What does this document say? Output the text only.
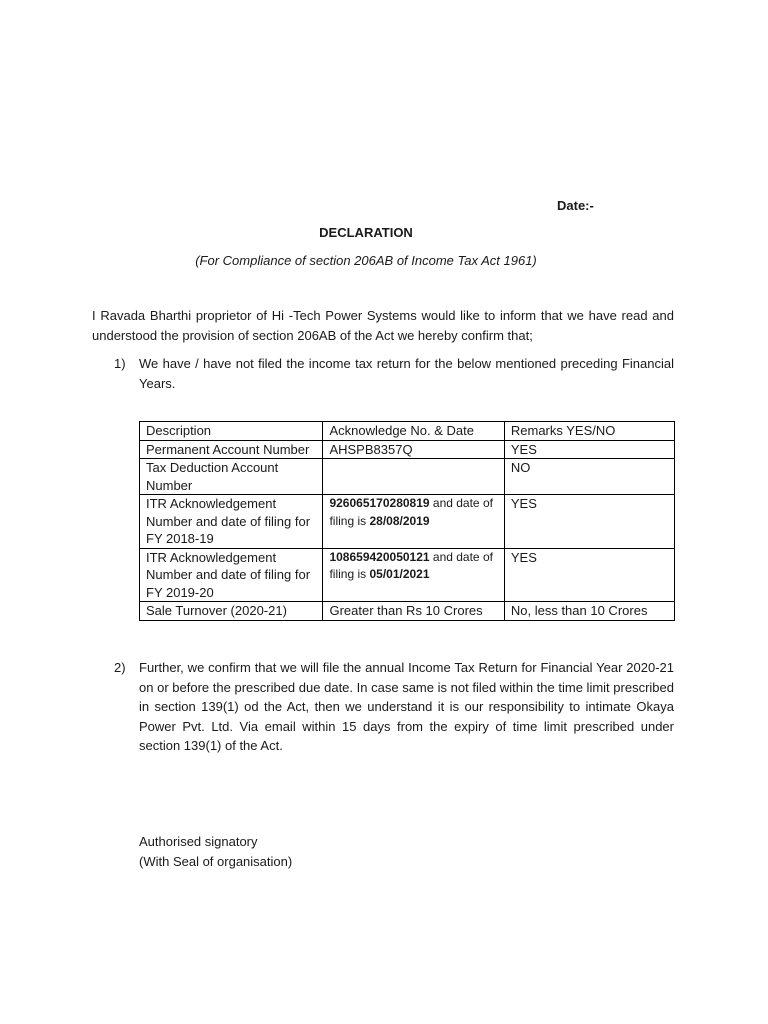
Date:-
DECLARATION
(For Compliance of section 206AB of Income Tax Act 1961)
I Ravada Bharthi proprietor of Hi -Tech Power Systems would like to inform that we have read and understood the provision of section 206AB of the Act we hereby confirm that;
1)	We have / have not filed the income tax return for the below mentioned preceding Financial Years.
Description	Acknowledge No. & Date	Remarks YES/NO
Permanent Account Number	AHSPB8357Q	YES
Tax Deduction Account Number		NO
ITR Acknowledgement Number and date of filing for FY 2018-19	926065170280819 and date of filing is 28/08/2019	YES
ITR Acknowledgement Number and date of filing for FY 2019-20	108659420050121 and date of filing is 05/01/2021	YES
Sale Turnover (2020-21)	Greater than Rs 10 Crores	No, less than 10 Crores
2)	Further, we confirm that we will file the annual Income Tax Return for Financial Year 2020-21 on or before the prescribed due date. In case same is not filed within the time limit prescribed in section 139(1) od the Act, then we understand it is our responsibility to intimate Okaya Power Pvt. Ltd. Via email within 15 days from the expiry of time limit prescribed under section 139(1) of the Act.
Authorised signatory
(With Seal of organisation)
